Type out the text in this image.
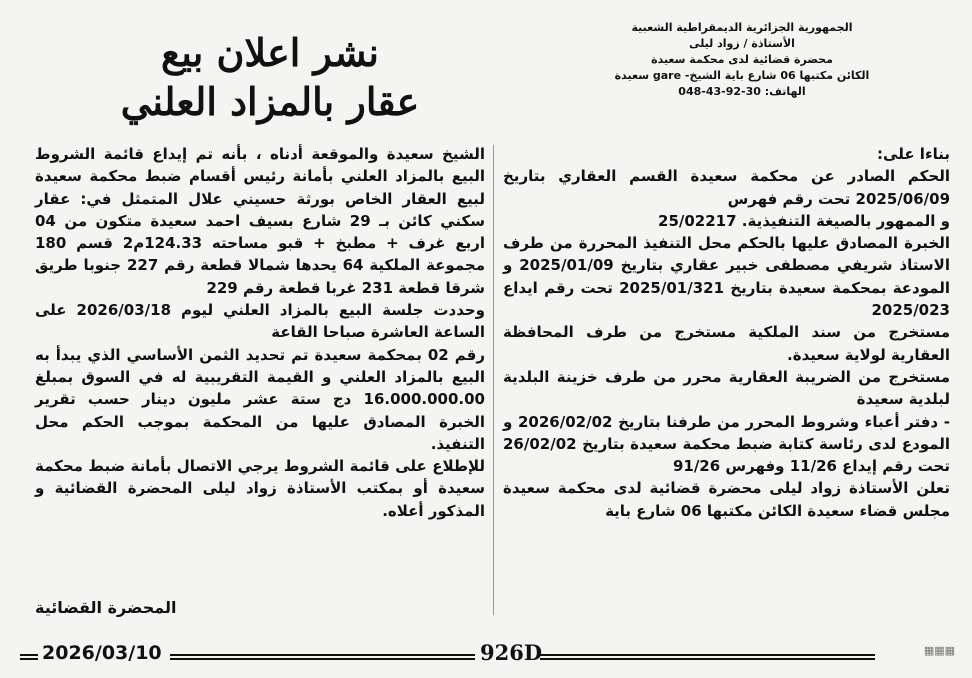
الجمهورية الجزائرية الديمقراطية الشعبية
الأستاذة / زواد ليلى
محضرة قضائية لدى محكمة سعيدة
الكائن مكتبها 06 شارع باية الشيخ- gare سعيدة
الهاتف: 30-92-43-048
نشر اعلان بيع
عقار بالمزاد العلني

بناءا على:

الحكم الصادر عن محكمة سعيدة القسم العقاري بتاريخ 2025/06/09 تحت رقم فهرس

و الممهور بالصيغة التنفيذية. 25/02217

الخبرة المصادق عليها بالحكم محل التنفيذ المحررة من طرف الاستاذ شريفي مصطفى خبير عقاري بتاريخ 2025/01/09 و المودعة بمحكمة سعيدة بتاريخ 2025/01/321 تحت رقم ايداع 2025/023

مستخرج من سند الملكية مستخرج من طرف المحافظة العقارية لولاية سعيدة.

مستخرج من الضريبة العقارية محرر من طرف خزينة البلدية لبلدية سعيدة

- دفتر أعباء وشروط المحرر من طرفنا بتاريخ 2026/02/02 و المودع لدى رئاسة كتابة ضبط محكمة سعيدة بتاريخ 26/02/02 تحت رقم إيداع 11/26 وفهرس 91/26

تعلن الأستاذة زواد ليلى محضرة قضائية لدى محكمة سعيدة مجلس قضاء سعيدة الكائن مكتبها 06 شارع باية

الشيخ سعيدة والموقعة أدناه ، بأنه تم إيداع قائمة الشروط البيع بالمزاد العلني بأمانة رئيس أقسام ضبط محكمة سعيدة لبيع العقار الخاص بورثة حسيني علال المتمثل في: عقار سكني كائن بـ 29 شارع بسيف احمد سعيدة متكون من 04 اربع غرف + مطبخ + قبو مساحته 124.33م2 قسم 180 مجموعة الملكية 64 يحدها شمالا قطعة رقم 227 جنوبا طريق شرقا قطعة 231 غربا قطعة رقم 229

وحددت جلسة البيع بالمزاد العلني ليوم 2026/03/18 على الساعة العاشرة صباحا القاعة

رقم 02 بمحكمة سعيدة تم تحديد الثمن الأساسي الذي يبدأ به البيع بالمزاد العلني و القيمة التقريبية له في السوق بمبلغ 16.000.000.00 دج ستة عشر مليون دينار حسب تقرير الخبرة المصادق عليها من المحكمة بموجب الحكم محل التنفيذ.

للإطلاع على قائمة الشروط يرجي الاتصال بأمانة ضبط محكمة سعيدة أو بمكتب الأستاذة زواد ليلى المحضرة القضائية و المذكور أعلاه.

المحضرة القضائية
2026/03/10	926D	▦▦▦
